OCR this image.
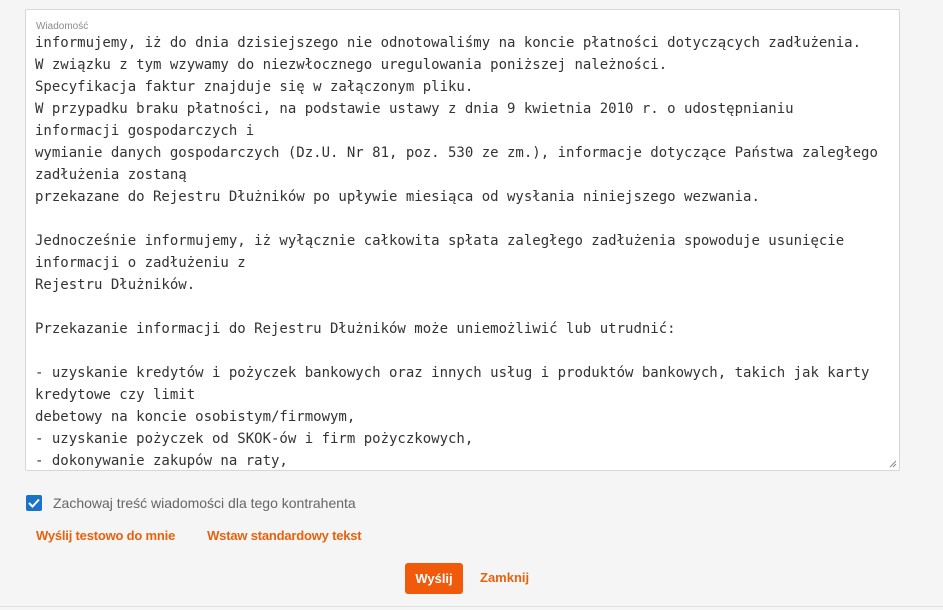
Wiadomość
informujemy, iż do dnia dzisiejszego nie odnotowaliśmy na koncie płatności dotyczących zadłużenia.
W związku z tym wzywamy do niezwłocznego uregulowania poniższej należności.
Specyfikacja faktur znajduje się w załączonym pliku.
W przypadku braku płatności, na podstawie ustawy z dnia 9 kwietnia 2010 r. o udostępnianiu informacji gospodarczych i
wymianie danych gospodarczych (Dz.U. Nr 81, poz. 530 ze zm.), informacje dotyczące Państwa zaległego zadłużenia zostaną
przekazane do Rejestru Dłużników po upływie miesiąca od wysłania niniejszego wezwania.

Jednocześnie informujemy, iż wyłącznie całkowita spłata zaległego zadłużenia spowoduje usunięcie informacji o zadłużeniu z
Rejestru Dłużników.

Przekazanie informacji do Rejestru Dłużników może uniemożliwić lub utrudnić:

- uzyskanie kredytów i pożyczek bankowych oraz innych usług i produktów bankowych, takich jak karty kredytowe czy limit
debetowy na koncie osobistym/firmowym,
- uzyskanie pożyczek od SKOK-ów i firm pożyczkowych,
- dokonywanie zakupów na raty,

Zachowaj treść wiadomości dla tego kontrahenta
Wyślij testowo do mnie Wstaw standardowy tekst
Wyślij	Zamknij
